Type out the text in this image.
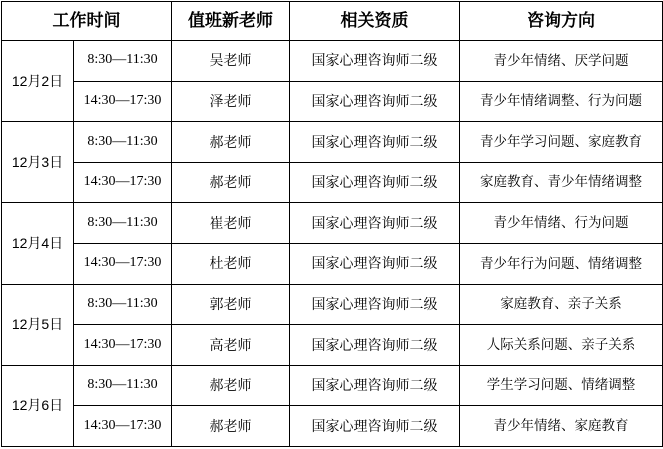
工作时间		值班新老师	相关资质	咨询方向
12月2日	8:30—11:30	吴老师	国家心理咨询师二级	青少年情绪、厌学问题
	14:30—17:30	泽老师	国家心理咨询师二级	青少年情绪调整、行为问题
12月3日	8:30—11:30	郝老师	国家心理咨询师二级	青少年学习问题、家庭教育
	14:30—17:30	郝老师	国家心理咨询师二级	家庭教育、青少年情绪调整
12月4日	8:30—11:30	崔老师	国家心理咨询师二级	青少年情绪、行为问题
	14:30—17:30	杜老师	国家心理咨询师二级	青少年行为问题、情绪调整
12月5日	8:30—11:30	郭老师	国家心理咨询师二级	家庭教育、亲子关系
	14:30—17:30	高老师	国家心理咨询师二级	人际关系问题、亲子关系
12月6日	8:30—11:30	郝老师	国家心理咨询师二级	学生学习问题、情绪调整
	14:30—17:30	郝老师	国家心理咨询师二级	青少年情绪、家庭教育
